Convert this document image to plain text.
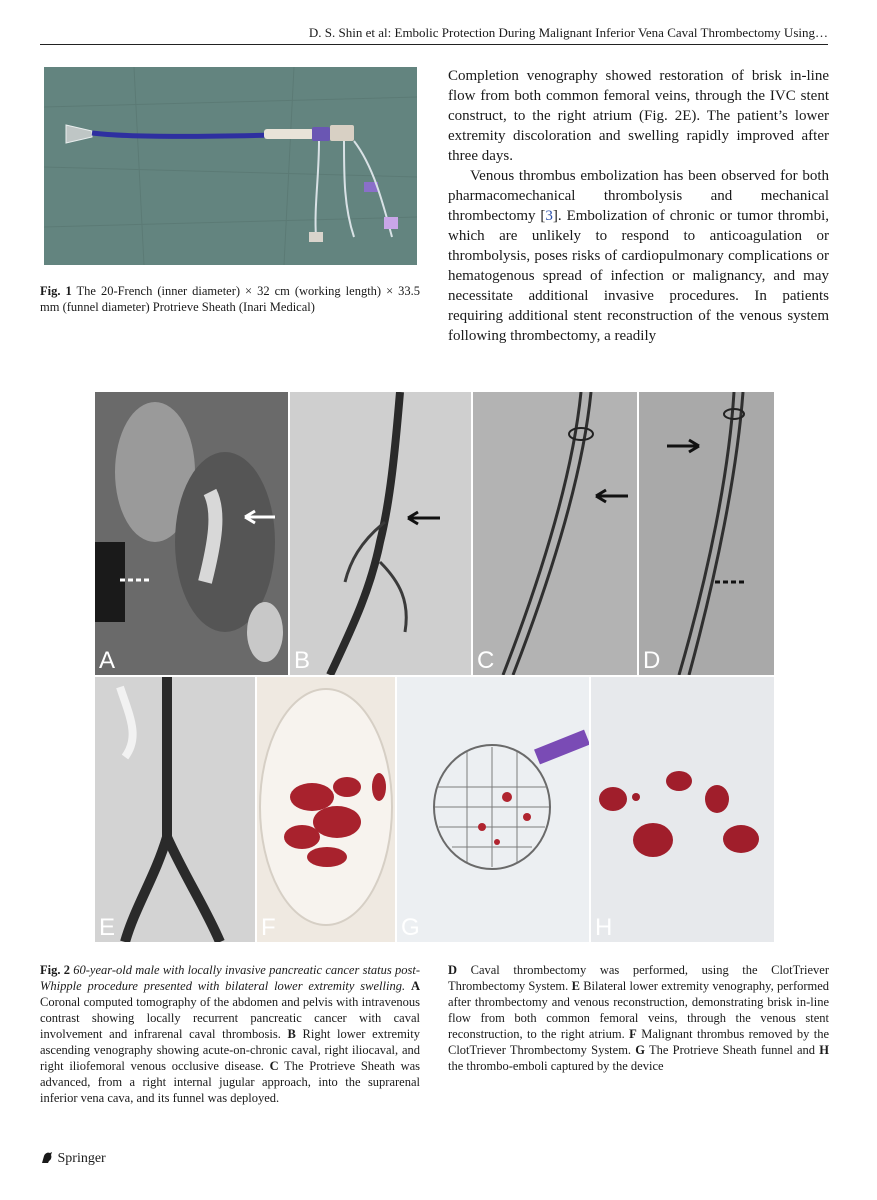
D. S. Shin et al: Embolic Protection During Malignant Inferior Vena Caval Thrombectomy Using…
Fig. 1 The 20-French (inner diameter) × 32 cm (working length) × 33.5 mm (funnel diameter) Protrieve Sheath (Inari Medical)

Completion venography showed restoration of brisk in-line flow from both common femoral veins, through the IVC stent construct, to the right atrium (Fig. 2E). The patient’s lower extremity discoloration and swelling rapidly improved after three days.

Venous thrombus embolization has been observed for both pharmacomechanical thrombolysis and mechanical thrombectomy [3]. Embolization of chronic or tumor thrombi, which are unlikely to respond to anticoagulation or thrombolysis, poses risks of cardiopulmonary complications or hematogenous spread of infection or malignancy, and may necessitate additional invasive procedures. In patients requiring additional stent reconstruction of the venous system following thrombectomy, a readily

A	B	C	D
E	F	G	H
Fig. 2 60-year-old male with locally invasive pancreatic cancer status post-Whipple procedure presented with bilateral lower extremity swelling. A Coronal computed tomography of the abdomen and pelvis with intravenous contrast showing locally recurrent pancreatic cancer with caval involvement and infrarenal caval thrombosis. B Right lower extremity ascending venography showing acute-on-chronic caval, right iliocaval, and right iliofemoral venous occlusive disease. C The Protrieve Sheath was advanced, from a right internal jugular approach, into the suprarenal inferior vena cava, and its funnel was deployed.
D Caval thrombectomy was performed, using the ClotTriever Thrombectomy System. E Bilateral lower extremity venography, performed after thrombectomy and venous reconstruction, demonstrating brisk in-line flow from both common femoral veins, through the venous stent reconstruction, to the right atrium. F Malignant thrombus removed by the ClotTriever Thrombectomy System. G The Protrieve Sheath funnel and H the thrombo-emboli captured by the device
Springer
